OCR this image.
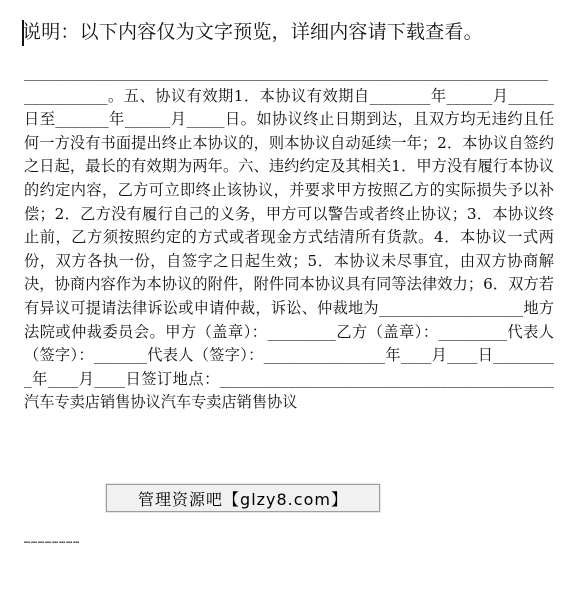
说明：以下内容仅为文字预览，详细内容请下载查看。

________________________________________________________________________________。五、协议有效期1．本协议有效期自________年______月______日至_______年______月_____日。如协议终止日期到达，且双方均无违约且任何一方没有书面提出终止本协议的，则本协议自动延续一年；2．本协议自签约之日起，最长的有效期为两年。六、违约约定及其相关1．甲方没有履行本协议的约定内容，乙方可立即终止该协议，并要求甲方按照乙方的实际损失予以补偿；2．乙方没有履行自己的义务，甲方可以警告或者终止协议；3．本协议终止前，乙方须按照约定的方式或者现金方式结清所有货款。4．本协议一式两份，双方各执一份，自签字之日起生效；5．本协议未尽事宜，由双方协商解决，协商内容作为本协议的附件，附件同本协议具有同等法律效力；6．双方若有异议可提请法律诉讼或申请仲裁，诉讼、仲裁地为___________________地方法院或仲裁委员会。甲方（盖章）：_________乙方（盖章）：_________代表人（签字）：_______代表人（签字）：________________年____月____日_________年____月____日签订地点：____________________________________________汽车专卖店销售协议汽车专卖店销售协议

管理资源吧【glzy8.com】

……………………
